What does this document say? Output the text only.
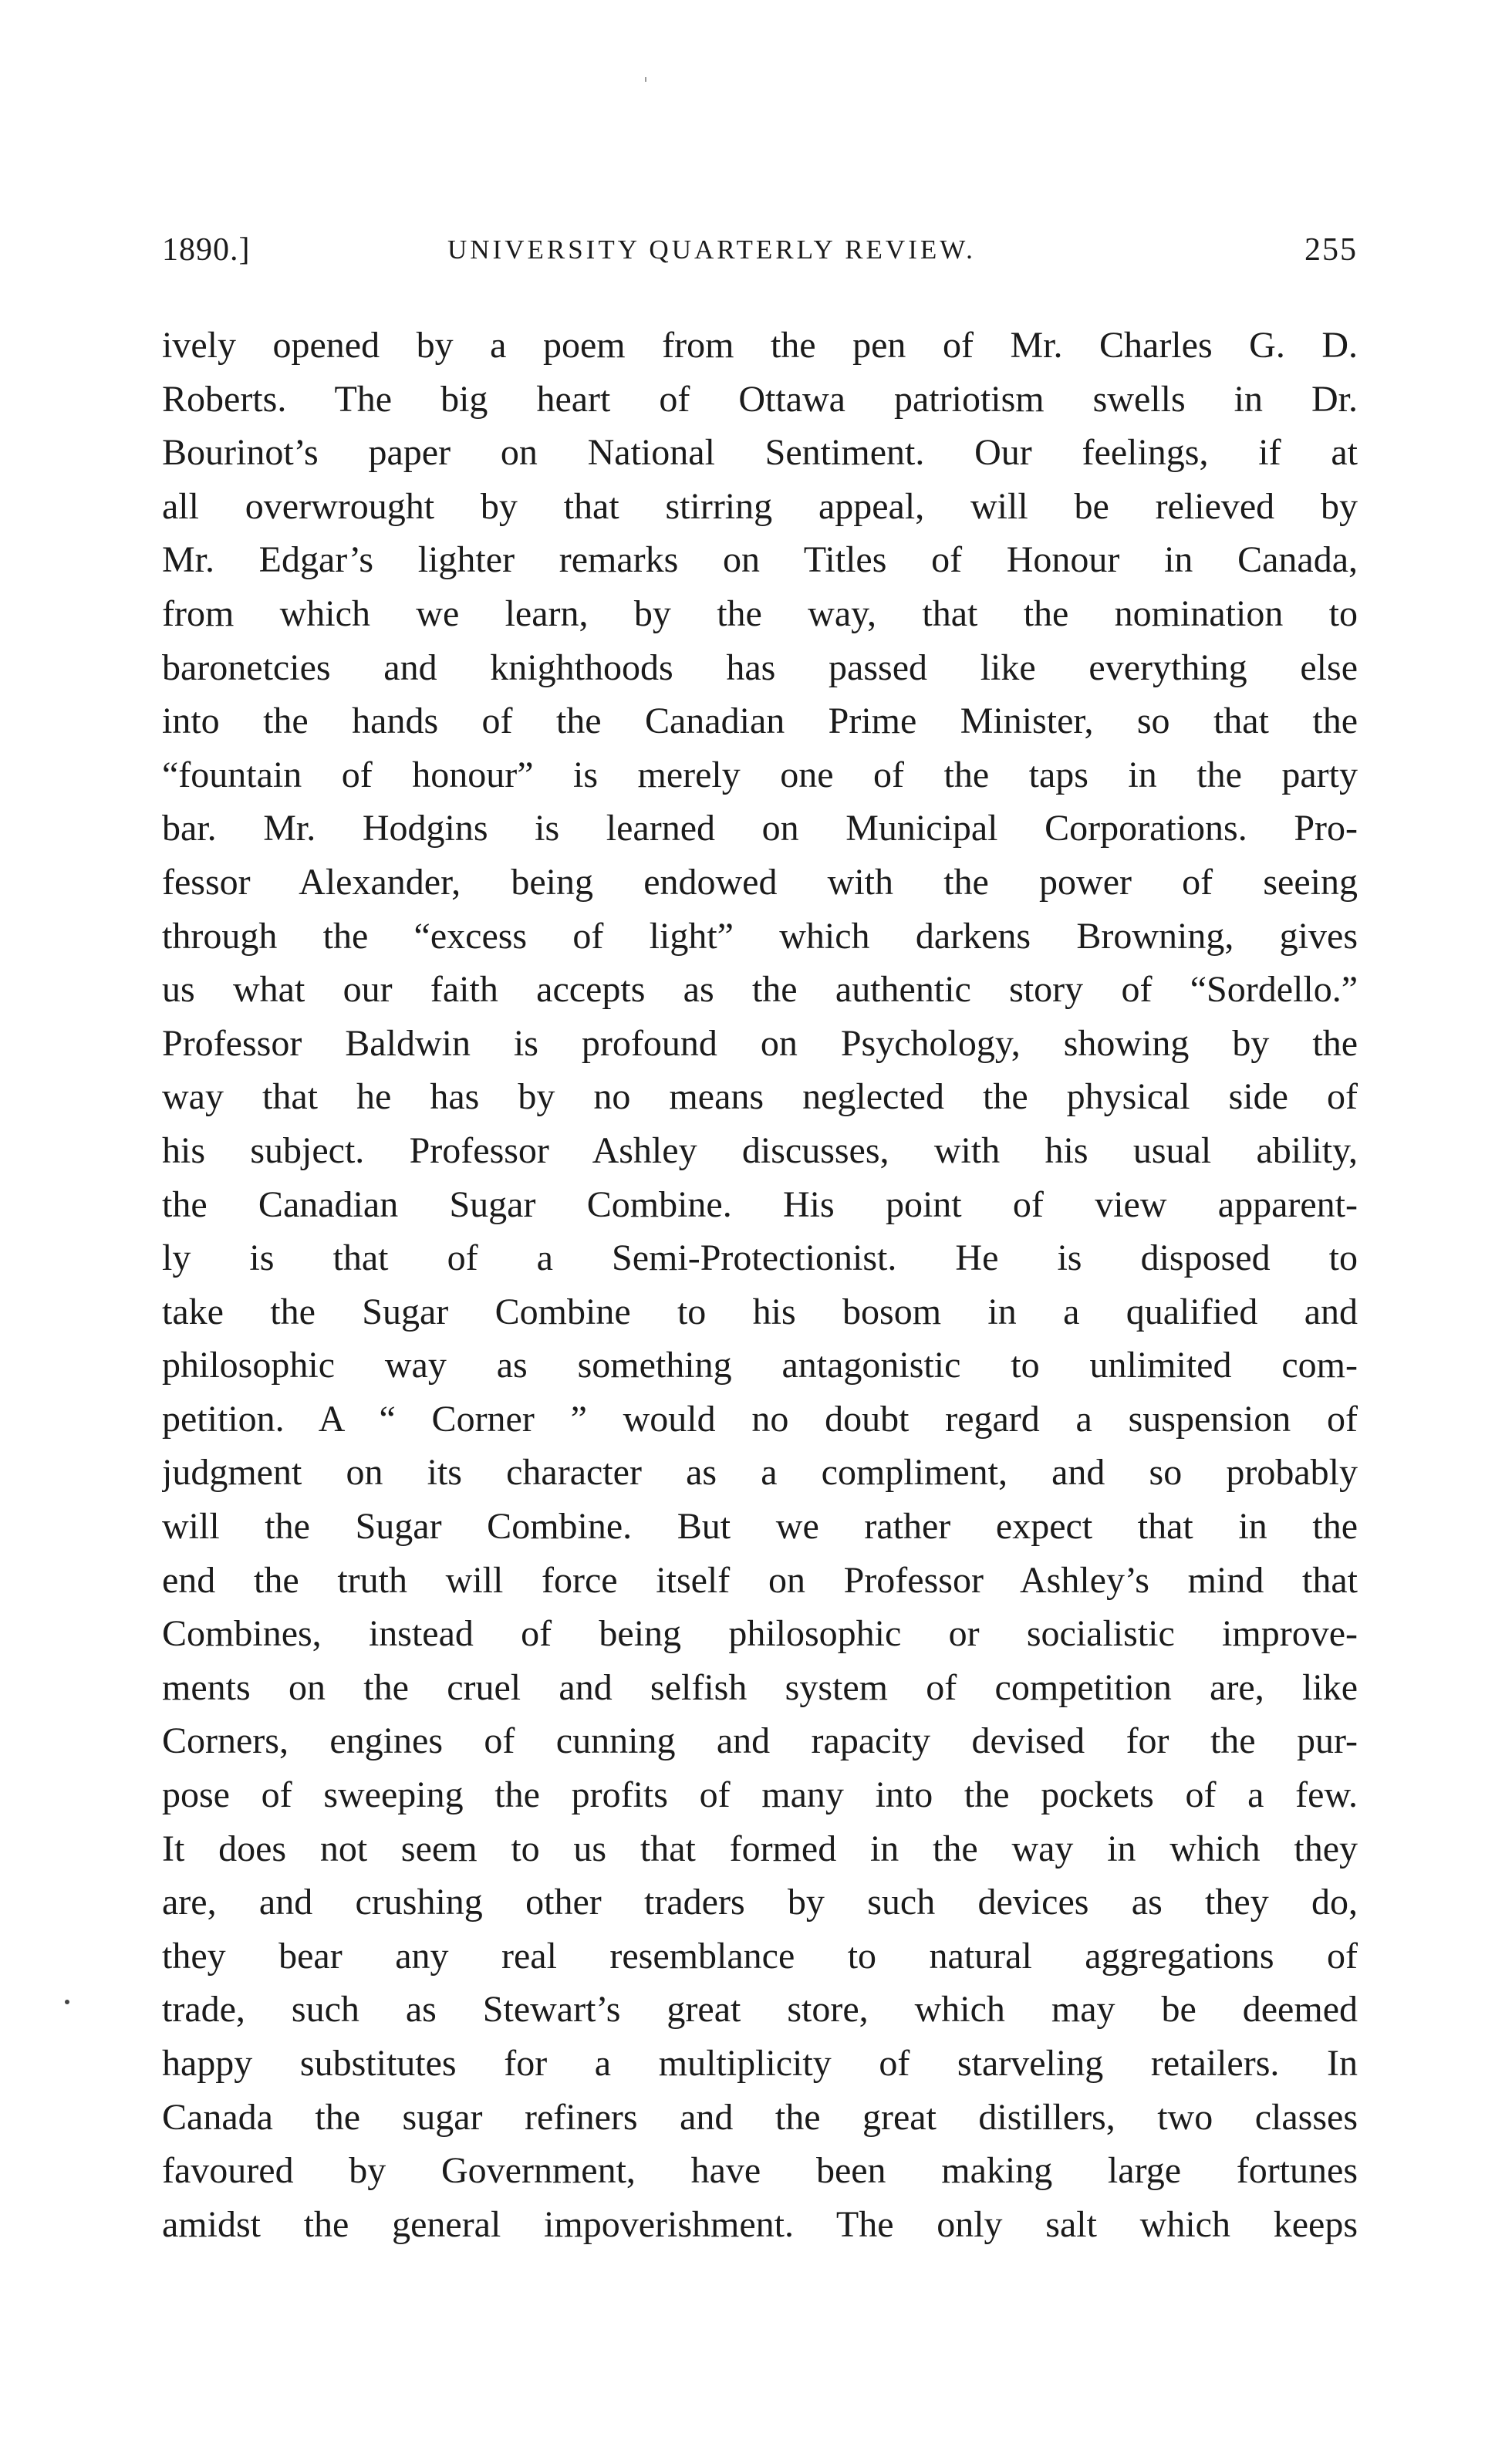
1890.]	UNIVERSITY QUARTERLY REVIEW.	255
ively opened by a poem from the pen of Mr. Charles G. D.
Roberts. The big heart of Ottawa patriotism swells in Dr.
Bourinot’s paper on National Sentiment. Our feelings, if at
all overwrought by that stirring appeal, will be relieved by
Mr. Edgar’s lighter remarks on Titles of Honour in Canada,
from which we learn, by the way, that the nomination to
baronetcies and knighthoods has passed like everything else
into the hands of the Canadian Prime Minister, so that the
“fountain of honour” is merely one of the taps in the party
bar. Mr. Hodgins is learned on Municipal Corporations. Pro-
fessor Alexander, being endowed with the power of seeing
through the “excess of light” which darkens Browning, gives
us what our faith accepts as the authentic story of “Sordello.”
Professor Baldwin is profound on Psychology, showing by the
way that he has by no means neglected the physical side of
his subject. Professor Ashley discusses, with his usual ability,
the Canadian Sugar Combine. His point of view apparent-
ly is that of a Semi-Protectionist. He is disposed to
take the Sugar Combine to his bosom in a qualified and
philosophic way as something antagonistic to unlimited com-
petition. A “ Corner ” would no doubt regard a suspension of
judgment on its character as a compliment, and so probably
will the Sugar Combine. But we rather expect that in the
end the truth will force itself on Professor Ashley’s mind that
Combines, instead of being philosophic or socialistic improve-
ments on the cruel and selfish system of competition are, like
Corners, engines of cunning and rapacity devised for the pur-
pose of sweeping the profits of many into the pockets of a few.
It does not seem to us that formed in the way in which they
are, and crushing other traders by such devices as they do,
they bear any real resemblance to natural aggregations of
trade, such as Stewart’s great store, which may be deemed
happy substitutes for a multiplicity of starveling retailers. In
Canada the sugar refiners and the great distillers, two classes
favoured by Government, have been making large fortunes
amidst the general impoverishment. The only salt which keeps
